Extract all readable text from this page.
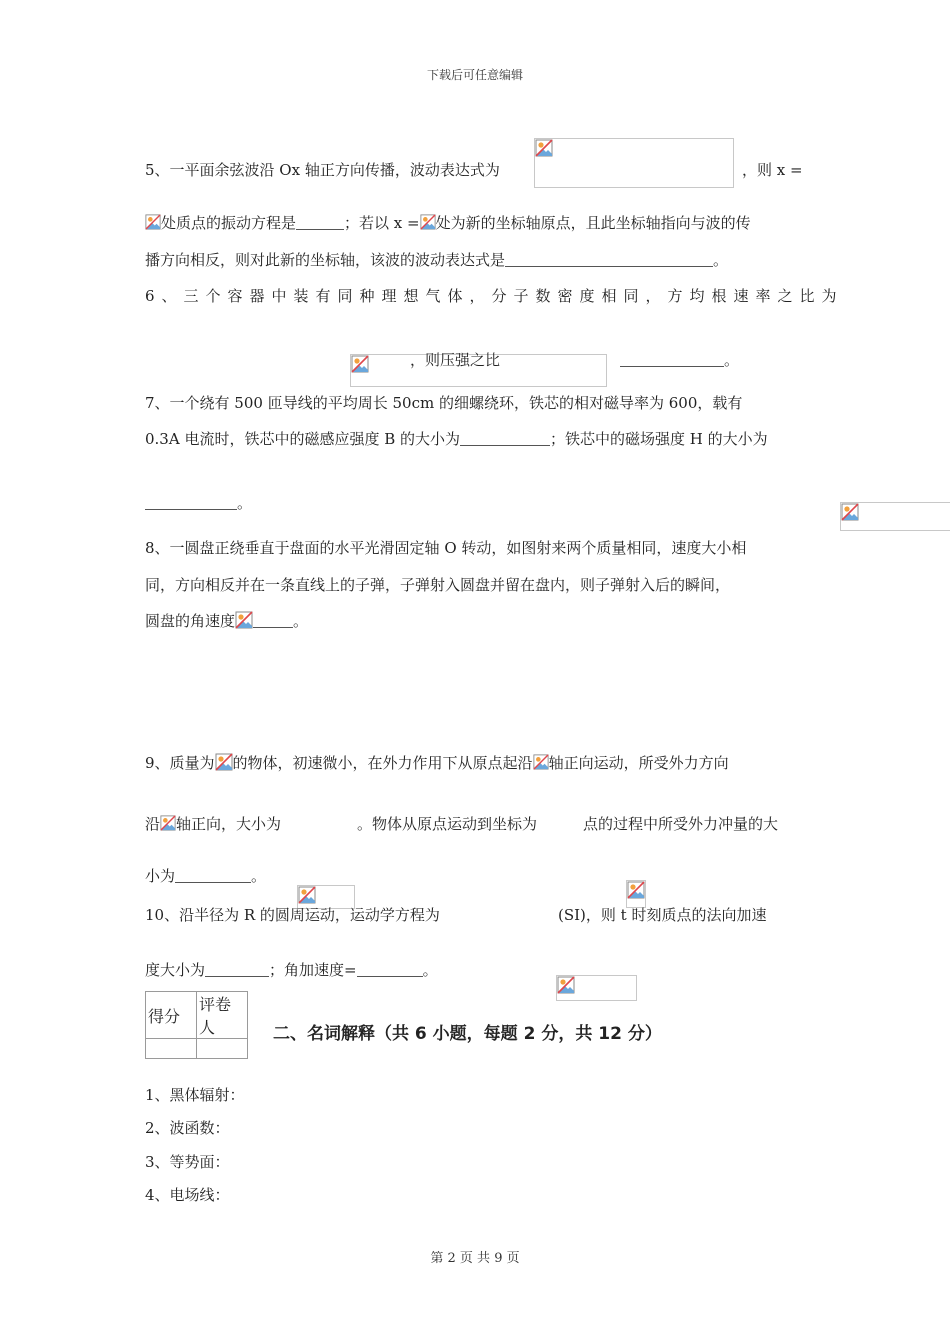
下载后可任意编辑
5、一平面余弦波沿 Ox 轴正方向传播，波动表达式为
	，则 x =
处质点的振动方程是	；若以 x = 处为新的坐标轴原点，且此坐标轴指向与波的传
播方向相反，则对此新的坐标轴，该波的波动表达式是	。
6、三个容器中装有同种理想气体，分子数密度相同，方均根速率之比为

，则压强之比
	。
7、一个绕有 500 匝导线的平均周长 50cm 的细螺绕环，铁芯的相对磁导率为 600，载有
0.3A 电流时，铁芯中的磁感应强度 B 的大小为	；铁芯中的磁场强度 H 的大小为
。

8、一圆盘正绕垂直于盘面的水平光滑固定轴 O 转动，如图射来两个质量相同，速度大小相
同，方向相反并在一条直线上的子弹，子弹射入圆盘并留在盘内，则子弹射入后的瞬间，
圆盘的角速度	。

9、质量为 的物体，初速微小，在外力作用下从原点起沿 轴正向运动，所受外力方向
沿 轴正向，大小为
	。物体从原点运动到坐标为
	点的过程中所受外力冲量的大
小为	。
10、沿半径为 R 的圆周运动，运动学方程为	(SI)，则 t 时刻质点的法向加速
度大小为	；角加速度=	。
得分	评卷人
		二、名词解释（共 6 小题，每题 2 分，共 12 分）
1、黑体辐射：
2、波函数：
3、等势面：
4、电场线：
第 2 页 共 9 页
